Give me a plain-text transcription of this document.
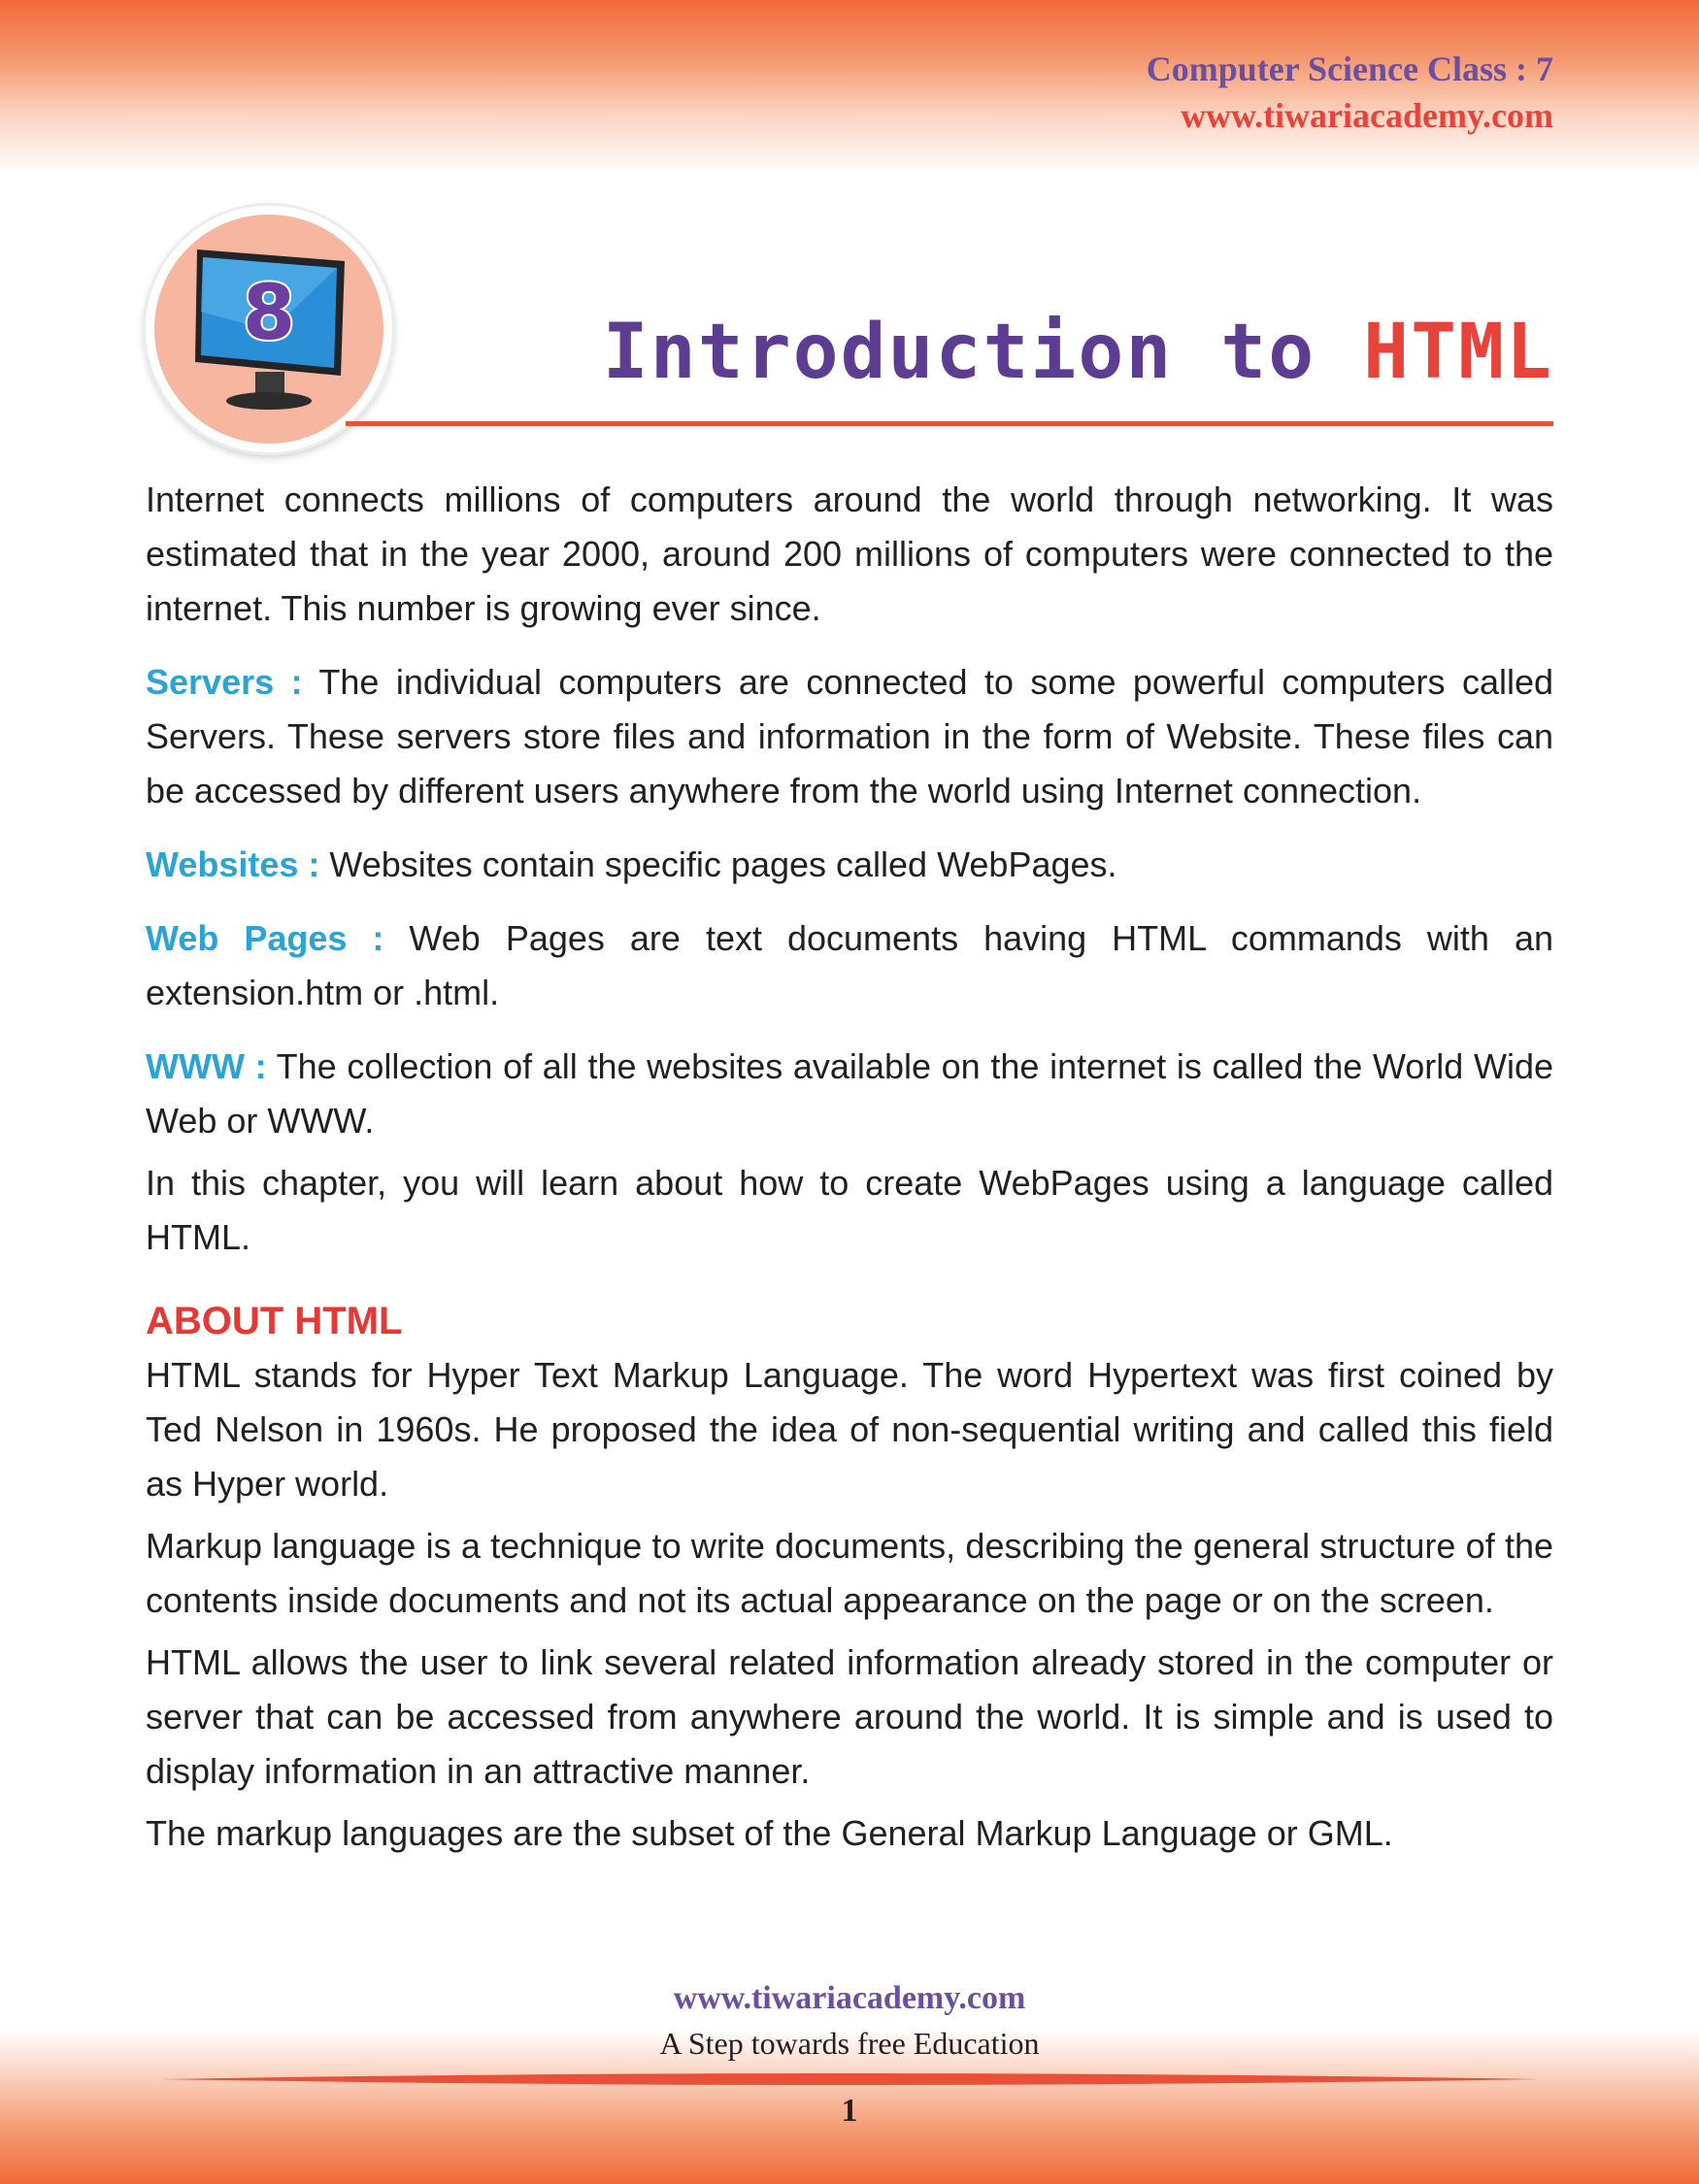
Computer Science Class : 7
www.tiwariacademy.com
8	Introduction to HTML

Internet connects millions of computers around the world through networking. It was estimated that in the year 2000, around 200 millions of computers were connected to the internet. This number is growing ever since.

Servers : The individual computers are connected to some powerful computers called Servers. These servers store files and information in the form of Website. These files can be accessed by different users anywhere from the world using Internet connection.

Websites : Websites contain specific pages called WebPages.

Web Pages : Web Pages are text documents having HTML commands with an extension.htm or .html.

WWW : The collection of all the websites available on the internet is called the World Wide Web or WWW.

In this chapter, you will learn about how to create WebPages using a language called HTML.

ABOUT HTML

HTML stands for Hyper Text Markup Language. The word Hypertext was first coined by Ted Nelson in 1960s. He proposed the idea of non-sequential writing and called this field as Hyper world.

Markup language is a technique to write documents, describing the general structure of the contents inside documents and not its actual appearance on the page or on the screen.

HTML allows the user to link several related information already stored in the computer or server that can be accessed from anywhere around the world. It is simple and is used to display information in an attractive manner.

The markup languages are the subset of the General Markup Language or GML.

www.tiwariacademy.com
A Step towards free Education
1
